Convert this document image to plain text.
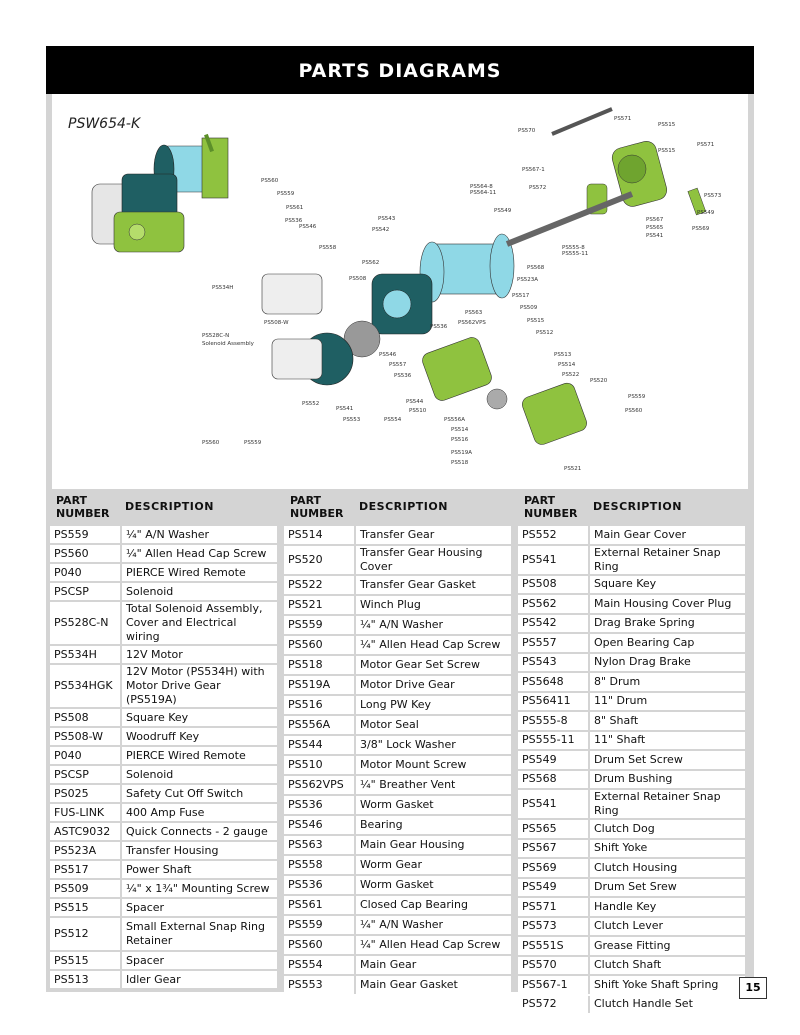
PARTS DIAGRAMS
PS571
PS515
PS570
PS515
PS571
PS567-1
PS572
PS573
PS549
PS569
PS567
PS565
PS541
PS564-8
PS564-11
PS549
PS555-8
PS555-11
PS568
PS560
PS559
PS561
PS536
PS546
PS558
PS543
PS542
PS562
PS508
PS534H
PS523A
PS517
PS509
PS515
PS512
PS513
PS514
PS522
PS520
PS508-W
PS528C-N
Solenoid Assembly
PS563
PS536
PS562VPS
PS546
PS557
PS536
PS544
PS510
PS556A
PS514
PS516
PS519A
PS518
PS552
PS541
PS553	PS554
PS559
PS560
PS560	PS559
PS521
PSW654-K
PART NUMBER
DESCRIPTION
PS559	¼" A/N Washer
PS560	¼" Allen Head Cap Screw
P040	PIERCE Wired Remote
PSCSP	Solenoid
PS528C-N	Total Solenoid Assembly, Cover and Electrical wiring
PS534H	12V Motor
PS534HGK	12V Motor (PS534H) with Motor Drive Gear (PS519A)
PS508	Square Key
PS508-W	Woodruff Key
P040	PIERCE Wired Remote
PSCSP	Solenoid
PS025	Safety Cut Off Switch
FUS-LINK	400 Amp Fuse
ASTC9032	Quick Connects - 2 gauge
PS523A	Transfer Housing
PS517	Power Shaft
PS509	¼" x 1¾" Mounting Screw
PS515	Spacer
PS512	Small External Snap Ring Retainer
PS515	Spacer
PS513	Idler Gear
PART NUMBER
DESCRIPTION
PS514	Transfer Gear
PS520	Transfer Gear Housing Cover
PS522	Transfer Gear Gasket
PS521	Winch Plug
PS559	¼" A/N Washer
PS560	¼" Allen Head Cap Screw
PS518	Motor Gear Set Screw
PS519A	Motor Drive Gear
PS516	Long PW Key
PS556A	Motor Seal
PS544	3/8" Lock Washer
PS510	Motor Mount Screw
PS562VPS	¼" Breather Vent
PS536	Worm Gasket
PS546	Bearing
PS563	Main Gear Housing
PS558	Worm Gear
PS536	Worm Gasket
PS561	Closed Cap Bearing
PS559	¼" A/N Washer
PS560	¼" Allen Head Cap Screw
PS554	Main Gear
PS553	Main Gear Gasket
PART NUMBER
DESCRIPTION
PS552	Main Gear Cover
PS541	External Retainer Snap Ring
PS508	Square Key
PS562	Main Housing Cover Plug
PS542	Drag Brake Spring
PS557	Open Bearing Cap
PS543	Nylon Drag Brake
PS5648	8" Drum
PS56411	11" Drum
PS555-8	8" Shaft
PS555-11	11" Shaft
PS549	Drum Set Screw
PS568	Drum Bushing
PS541	External Retainer Snap Ring
PS565	Clutch Dog
PS567	Shift Yoke
PS569	Clutch Housing
PS549	Drum Set Srew
PS571	Handle Key
PS573	Clutch Lever
PS551S	Grease Fitting
PS570	Clutch Shaft
PS567-1	Shift Yoke Shaft Spring
PS572	Clutch Handle Set
15
